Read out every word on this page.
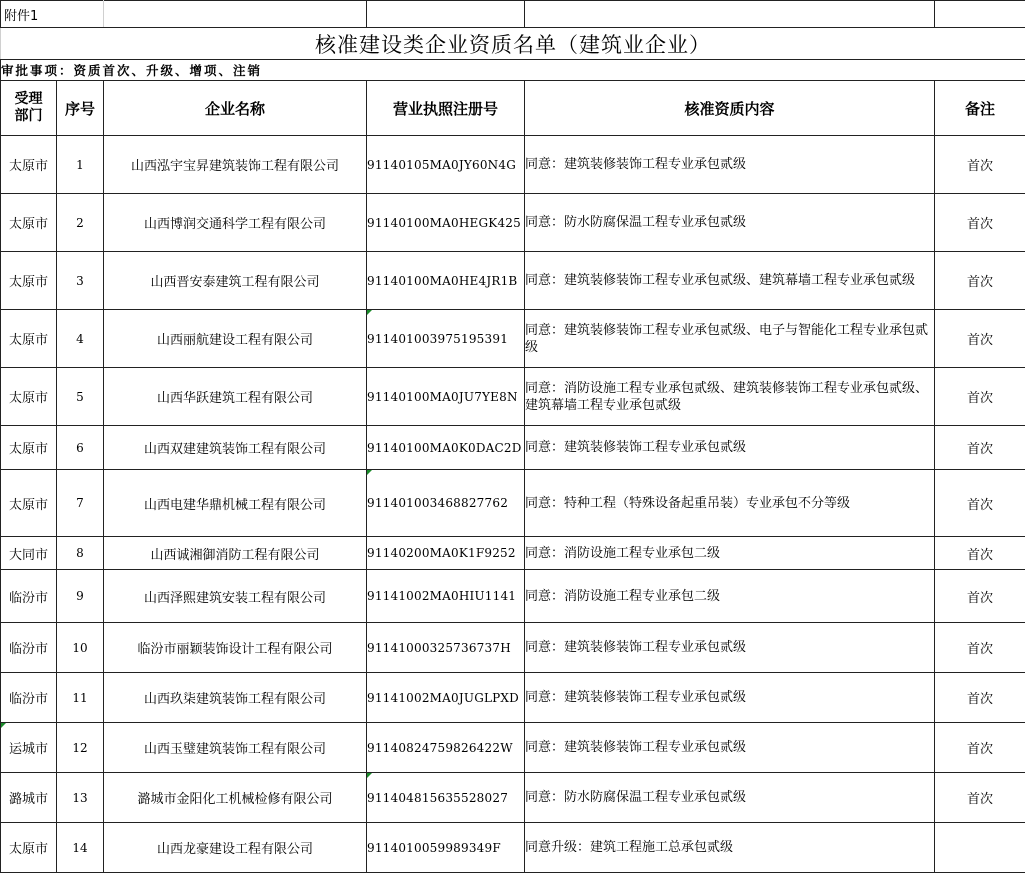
附件1					
核准建设类企业资质名单（建筑业企业）					
审批事项：资质首次、升级、增项、注销					
受理部门	序号	企业名称	营业执照注册号	核准资质内容	备注
太原市	1	山西泓宇宝昇建筑装饰工程有限公司	91140105MA0JY60N4G	同意：建筑装修装饰工程专业承包贰级	首次
太原市	2	山西博润交通科学工程有限公司	91140100MA0HEGK425	同意：防水防腐保温工程专业承包贰级	首次
太原市	3	山西晋安泰建筑工程有限公司	91140100MA0HE4JR1B	同意：建筑装修装饰工程专业承包贰级、建筑幕墙工程专业承包贰级	首次
太原市	4	山西丽航建设工程有限公司	911401003975195391	同意：建筑装修装饰工程专业承包贰级、电子与智能化工程专业承包贰级	首次
太原市	5	山西华跃建筑工程有限公司	91140100MA0JU7YE8N	同意：消防设施工程专业承包贰级、建筑装修装饰工程专业承包贰级、建筑幕墙工程专业承包贰级	首次
太原市	6	山西双建建筑装饰工程有限公司	91140100MA0K0DAC2D	同意：建筑装修装饰工程专业承包贰级	首次
太原市	7	山西电建华鼎机械工程有限公司	911401003468827762	同意：特种工程（特殊设备起重吊装）专业承包不分等级	首次
大同市	8	山西诚湘御消防工程有限公司	91140200MA0K1F9252	同意：消防设施工程专业承包二级	首次
临汾市	9	山西泽熙建筑安装工程有限公司	91141002MA0HIU1141	同意：消防设施工程专业承包二级	首次
临汾市	10	临汾市丽颖装饰设计工程有限公司	91141000325736737H	同意：建筑装修装饰工程专业承包贰级	首次
临汾市	11	山西玖柒建筑装饰工程有限公司	91141002MA0JUGLPXD	同意：建筑装修装饰工程专业承包贰级	首次
运城市	12	山西玉璧建筑装饰工程有限公司	91140824759826422W	同意：建筑装修装饰工程专业承包贰级	首次
潞城市	13	潞城市金阳化工机械检修有限公司	911404815635528027	同意：防水防腐保温工程专业承包贰级	首次
太原市	14	山西龙豪建设工程有限公司	9114010059989349F	同意升级：建筑工程施工总承包贰级	
